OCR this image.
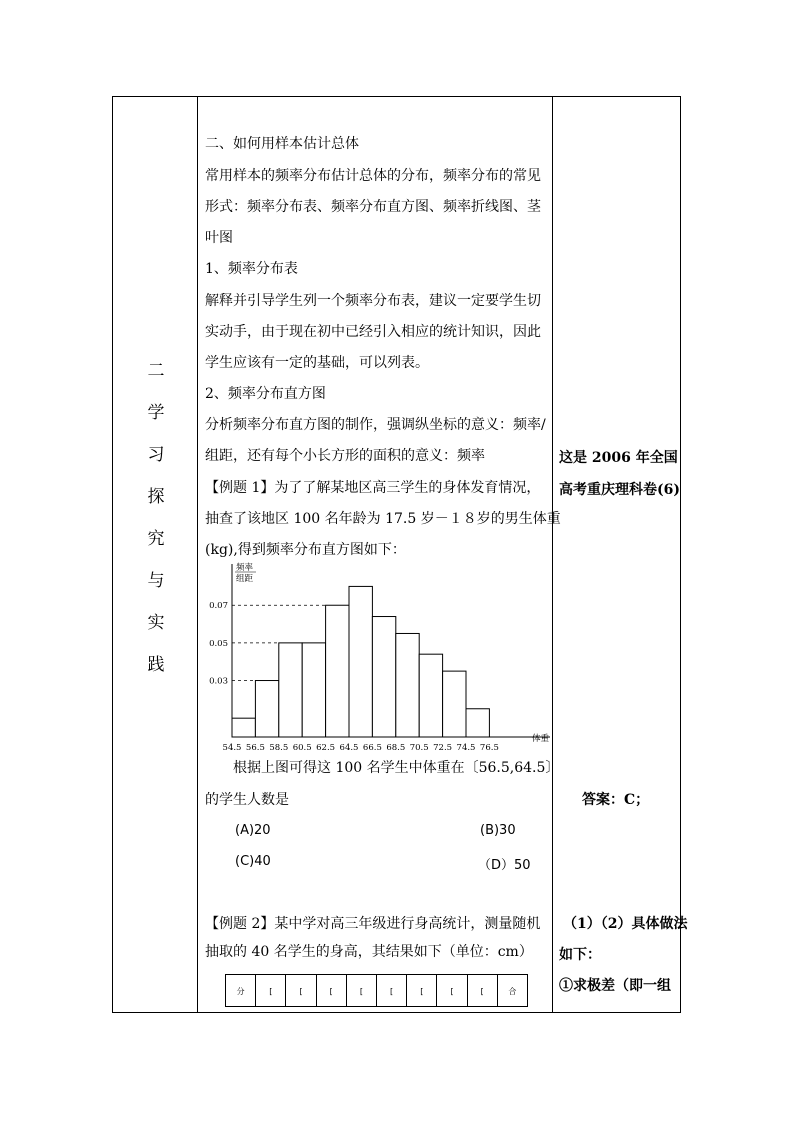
二
学
习
探
究
与
实
践
二、如何用样本估计总体
常用样本的频率分布估计总体的分布，频率分布的常见
形式：频率分布表、频率分布直方图、频率折线图、茎
叶图
1、频率分布表
解释并引导学生列一个频率分布表，建议一定要学生切
实动手，由于现在初中已经引入相应的统计知识，因此
学生应该有一定的基础，可以列表。
2、频率分布直方图
分析频率分布直方图的制作，强调纵坐标的意义：频率/
组距，还有每个小长方形的面积的意义：频率
【例题 1】为了了解某地区高三学生的身体发育情况，
抽查了该地区 100 名年龄为 17.5 岁－１８岁的男生体重
(kg),得到频率分布直方图如下：
0.03
0.05
0.07
54.5 56.5 58.5 60.5 62.5 64.5 66.5 68.5 70.5 72.5 74.5 76.5
频率
组距
体重
根据上图可得这 100 名学生中体重在〔56.5,64.5〕
的学生人数是
(A)20	(B)30
(C)40	（D）50
【例题 2】某中学对高三年级进行身高统计，测量随机
抽取的 40 名学生的身高，其结果如下（单位：cm）
分	[	[	[	[	[	[	[	[	合
这是 2006 年全国
高考重庆理科卷(6)
答案：C；
（1）（2）具体做法
如下：
①求极差（即一组
